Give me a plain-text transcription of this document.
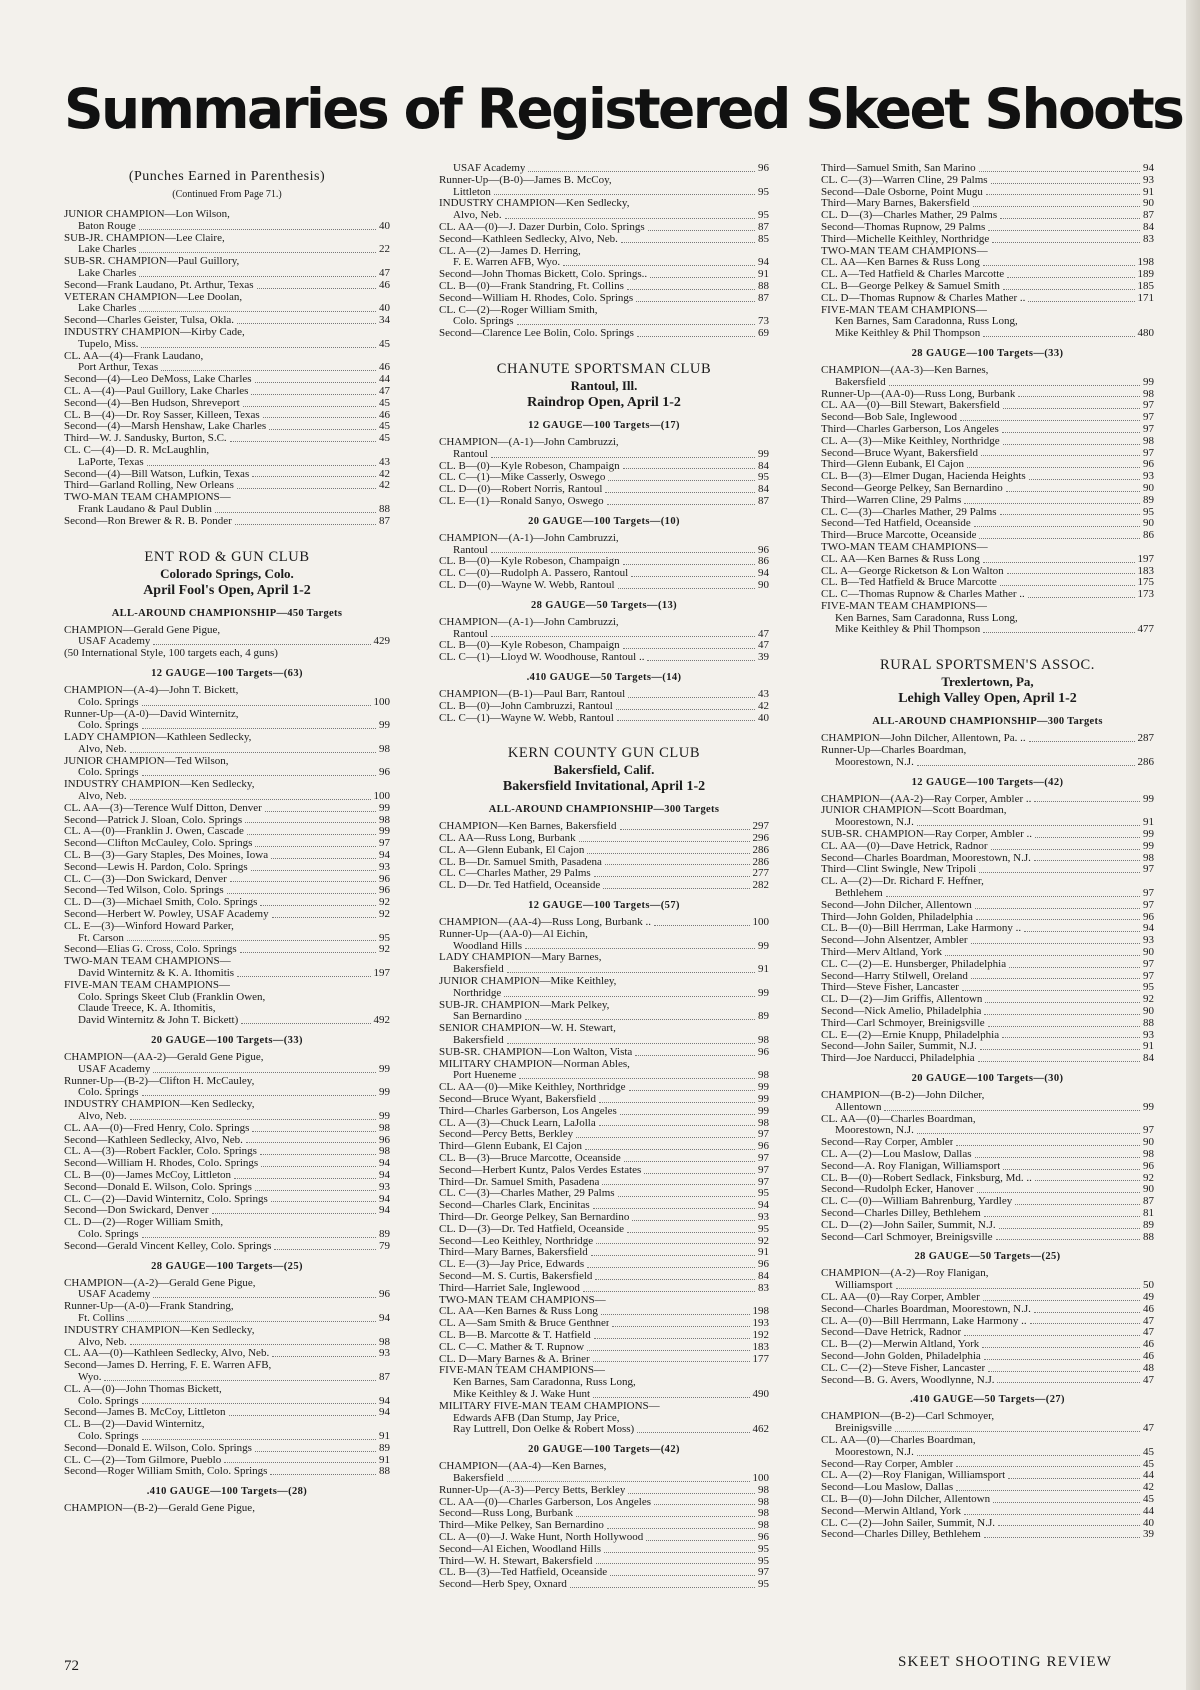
Summaries of Registered Skeet Shoots
(Punches Earned in Parenthesis)
(Continued From Page 71.)
JUNIOR CHAMPION—Lon Wilson,
Baton Rouge	40
SUB-JR. CHAMPION—Lee Claire,
Lake Charles	22
SUB-SR. CHAMPION—Paul Guillory,
Lake Charles	47
Second—Frank Laudano, Pt. Arthur, Texas	46
VETERAN CHAMPION—Lee Doolan,
Lake Charles	40
Second—Charles Geister, Tulsa, Okla.	34
INDUSTRY CHAMPION—Kirby Cade,
Tupelo, Miss.	45
CL. AA—(4)—Frank Laudano,
Port Arthur, Texas	46
Second—(4)—Leo DeMoss, Lake Charles	44
CL. A—(4)—Paul Guillory, Lake Charles	47
Second—(4)—Ben Hudson, Shreveport	45
CL. B—(4)—Dr. Roy Sasser, Killeen, Texas	46
Second—(4)—Marsh Henshaw, Lake Charles	45
Third—W. J. Sandusky, Burton, S.C.	45
CL. C—(4)—D. R. McLaughlin,
LaPorte, Texas	43
Second—(4)—Bill Watson, Lufkin, Texas	42
Third—Garland Rolling, New Orleans	42
TWO-MAN TEAM CHAMPIONS—
Frank Laudano & Paul Dublin	88
Second—Ron Brewer & R. B. Ponder	87
ENT ROD & GUN CLUB
Colorado Springs, Colo.
April Fool's Open, April 1-2
ALL-AROUND CHAMPIONSHIP—450 Targets
CHAMPION—Gerald Gene Pigue,
USAF Academy	429
(50 International Style, 100 targets each, 4 guns)
12 GAUGE—100 Targets—(63)
CHAMPION—(A-4)—John T. Bickett,
Colo. Springs	100
Runner-Up—(A-0)—David Winternitz,
Colo. Springs	99
LADY CHAMPION—Kathleen Sedlecky,
Alvo, Neb.	98
JUNIOR CHAMPION—Ted Wilson,
Colo. Springs	96
INDUSTRY CHAMPION—Ken Sedlecky,
Alvo, Neb.	100
CL. AA—(3)—Terence Wulf Ditton, Denver	99
Second—Patrick J. Sloan, Colo. Springs	98
CL. A—(0)—Franklin J. Owen, Cascade	99
Second—Clifton McCauley, Colo. Springs	97
CL. B—(3)—Gary Staples, Des Moines, Iowa	94
Second—Lewis H. Pardon, Colo. Springs	93
CL. C—(3)—Don Swickard, Denver	96
Second—Ted Wilson, Colo. Springs	96
CL. D—(3)—Michael Smith, Colo. Springs	92
Second—Herbert W. Powley, USAF Academy	92
CL. E—(3)—Winford Howard Parker,
Ft. Carson	95
Second—Elias G. Cross, Colo. Springs	92
TWO-MAN TEAM CHAMPIONS—
David Winternitz & K. A. Ithomitis	197
FIVE-MAN TEAM CHAMPIONS—
Colo. Springs Skeet Club (Franklin Owen,
Claude Treece, K. A. Ithomitis,
David Winternitz & John T. Bickett)	492
20 GAUGE—100 Targets—(33)
CHAMPION—(AA-2)—Gerald Gene Pigue,
USAF Academy	99
Runner-Up—(B-2)—Clifton H. McCauley,
Colo. Springs	99
INDUSTRY CHAMPION—Ken Sedlecky,
Alvo, Neb.	99
CL. AA—(0)—Fred Henry, Colo. Springs	98
Second—Kathleen Sedlecky, Alvo, Neb.	96
CL. A—(3)—Robert Fackler, Colo. Springs	98
Second—William H. Rhodes, Colo. Springs	94
CL. B—(0)—James McCoy, Littleton	94
Second—Donald E. Wilson, Colo. Springs	93
CL. C—(2)—David Winternitz, Colo. Springs	94
Second—Don Swickard, Denver	94
CL. D—(2)—Roger William Smith,
Colo. Springs	89
Second—Gerald Vincent Kelley, Colo. Springs	79
28 GAUGE—100 Targets—(25)
CHAMPION—(A-2)—Gerald Gene Pigue,
USAF Academy	96
Runner-Up—(A-0)—Frank Standring,
Ft. Collins	94
INDUSTRY CHAMPION—Ken Sedlecky,
Alvo, Neb.	98
CL. AA—(0)—Kathleen Sedlecky, Alvo, Neb.	93
Second—James D. Herring, F. E. Warren AFB,
Wyo.	87
CL. A—(0)—John Thomas Bickett,
Colo. Springs	94
Second—James B. McCoy, Littleton	94
CL. B—(2)—David Winternitz,
Colo. Springs	91
Second—Donald E. Wilson, Colo. Springs	89
CL. C—(2)—Tom Gilmore, Pueblo	91
Second—Roger William Smith, Colo. Springs	88
.410 GAUGE—100 Targets—(28)
CHAMPION—(B-2)—Gerald Gene Pigue,
USAF Academy	96
Runner-Up—(B-0)—James B. McCoy,
Littleton	95
INDUSTRY CHAMPION—Ken Sedlecky,
Alvo, Neb.	95
CL. AA—(0)—J. Dazer Durbin, Colo. Springs	87
Second—Kathleen Sedlecky, Alvo, Neb.	85
CL. A—(2)—James D. Herring,
F. E. Warren AFB, Wyo.	94
Second—John Thomas Bickett, Colo. Springs..	91
CL. B—(0)—Frank Standring, Ft. Collins	88
Second—William H. Rhodes, Colo. Springs	87
CL. C—(2)—Roger William Smith,
Colo. Springs	73
Second—Clarence Lee Bolin, Colo. Springs	69
CHANUTE SPORTSMAN CLUB
Rantoul, Ill.
Raindrop Open, April 1-2
12 GAUGE—100 Targets—(17)
CHAMPION—(A-1)—John Cambruzzi,
Rantoul	99
CL. B—(0)—Kyle Robeson, Champaign	84
CL. C—(1)—Mike Casserly, Oswego	95
CL. D—(0)—Robert Norris, Rantoul	84
CL. E—(1)—Ronald Sanyo, Oswego	87
20 GAUGE—100 Targets—(10)
CHAMPION—(A-1)—John Cambruzzi,
Rantoul	96
CL. B—(0)—Kyle Robeson, Champaign	86
CL. C—(0)—Rudolph A. Passero, Rantoul	94
CL. D—(0)—Wayne W. Webb, Rantoul	90
28 GAUGE—50 Targets—(13)
CHAMPION—(A-1)—John Cambruzzi,
Rantoul	47
CL. B—(0)—Kyle Robeson, Champaign	47
CL. C—(1)—Lloyd W. Woodhouse, Rantoul ..	39
.410 GAUGE—50 Targets—(14)
CHAMPION—(B-1)—Paul Barr, Rantoul	43
CL. B—(0)—John Cambruzzi, Rantoul	42
CL. C—(1)—Wayne W. Webb, Rantoul	40
KERN COUNTY GUN CLUB
Bakersfield, Calif.
Bakersfield Invitational, April 1-2
ALL-AROUND CHAMPIONSHIP—300 Targets
CHAMPION—Ken Barnes, Bakersfield	297
CL. AA—Russ Long, Burbank	296
CL. A—Glenn Eubank, El Cajon	286
CL. B—Dr. Samuel Smith, Pasadena	286
CL. C—Charles Mather, 29 Palms	277
CL. D—Dr. Ted Hatfield, Oceanside	282
12 GAUGE—100 Targets—(57)
CHAMPION—(AA-4)—Russ Long, Burbank ..	100
Runner-Up—(AA-0)—Al Eichin,
Woodland Hills	99
LADY CHAMPION—Mary Barnes,
Bakersfield	91
JUNIOR CHAMPION—Mike Keithley,
Northridge	99
SUB-JR. CHAMPION—Mark Pelkey,
San Bernardino	89
SENIOR CHAMPION—W. H. Stewart,
Bakersfield	98
SUB-SR. CHAMPION—Lon Walton, Vista	96
MILITARY CHAMPION—Norman Ables,
Port Hueneme	98
CL. AA—(0)—Mike Keithley, Northridge	99
Second—Bruce Wyant, Bakersfield	99
Third—Charles Garberson, Los Angeles	99
CL. A—(3)—Chuck Learn, LaJolla	98
Second—Percy Betts, Berkley	97
Third—Glenn Eubank, El Cajon	96
CL. B—(3)—Bruce Marcotte, Oceanside	97
Second—Herbert Kuntz, Palos Verdes Estates	97
Third—Dr. Samuel Smith, Pasadena	97
CL. C—(3)—Charles Mather, 29 Palms	95
Second—Charles Clark, Encinitas	94
Third—Dr. George Pelkey, San Bernardino	93
CL. D—(3)—Dr. Ted Hatfield, Oceanside	95
Second—Leo Keithley, Northridge	92
Third—Mary Barnes, Bakersfield	91
CL. E—(3)—Jay Price, Edwards	96
Second—M. S. Curtis, Bakersfield	84
Third—Harriet Sale, Inglewood	83
TWO-MAN TEAM CHAMPIONS—
CL. AA—Ken Barnes & Russ Long	198
CL. A—Sam Smith & Bruce Genthner	193
CL. B—B. Marcotte & T. Hatfield	192
CL. C—C. Mather & T. Rupnow	183
CL. D—Mary Barnes & A. Briner	177
FIVE-MAN TEAM CHAMPIONS—
Ken Barnes, Sam Caradonna, Russ Long,
Mike Keithley & J. Wake Hunt	490
MILITARY FIVE-MAN TEAM CHAMPIONS—
Edwards AFB (Dan Stump, Jay Price,
Ray Luttrell, Don Oelke & Robert Moss)	462
20 GAUGE—100 Targets—(42)
CHAMPION—(AA-4)—Ken Barnes,
Bakersfield	100
Runner-Up—(A-3)—Percy Betts, Berkley	98
CL. AA—(0)—Charles Garberson, Los Angeles	98
Second—Russ Long, Burbank	98
Third—Mike Pelkey, San Bernardino	98
CL. A—(0)—J. Wake Hunt, North Hollywood	96
Second—Al Eichen, Woodland Hills	95
Third—W. H. Stewart, Bakersfield	95
CL. B—(3)—Ted Hatfield, Oceanside	97
Second—Herb Spey, Oxnard	95
Third—Samuel Smith, San Marino	94
CL. C—(3)—Warren Cline, 29 Palms	93
Second—Dale Osborne, Point Mugu	91
Third—Mary Barnes, Bakersfield	90
CL. D—(3)—Charles Mather, 29 Palms	87
Second—Thomas Rupnow, 29 Palms	84
Third—Michelle Keithley, Northridge	83
TWO-MAN TEAM CHAMPIONS—
CL. AA—Ken Barnes & Russ Long	198
CL. A—Ted Hatfield & Charles Marcotte	189
CL. B—George Pelkey & Samuel Smith	185
CL. D—Thomas Rupnow & Charles Mather ..	171
FIVE-MAN TEAM CHAMPIONS—
Ken Barnes, Sam Caradonna, Russ Long,
Mike Keithley & Phil Thompson	480
28 GAUGE—100 Targets—(33)
CHAMPION—(AA-3)—Ken Barnes,
Bakersfield	99
Runner-Up—(AA-0)—Russ Long, Burbank	98
CL. AA—(0)—Bill Stewart, Bakersfield	97
Second—Bob Sale, Inglewood	97
Third—Charles Garberson, Los Angeles	97
CL. A—(3)—Mike Keithley, Northridge	98
Second—Bruce Wyant, Bakersfield	97
Third—Glenn Eubank, El Cajon	96
CL. B—(3)—Elmer Dugan, Hacienda Heights	93
Second—George Pelkey, San Bernardino	90
Third—Warren Cline, 29 Palms	89
CL. C—(3)—Charles Mather, 29 Palms	95
Second—Ted Hatfield, Oceanside	90
Third—Bruce Marcotte, Oceanside	86
TWO-MAN TEAM CHAMPIONS—
CL. AA—Ken Barnes & Russ Long	197
CL. A—George Ricketson & Lon Walton	183
CL. B—Ted Hatfield & Bruce Marcotte	175
CL. C—Thomas Rupnow & Charles Mather ..	173
FIVE-MAN TEAM CHAMPIONS—
Ken Barnes, Sam Caradonna, Russ Long,
Mike Keithley & Phil Thompson	477
RURAL SPORTSMEN'S ASSOC.
Trexlertown, Pa,
Lehigh Valley Open, April 1-2
ALL-AROUND CHAMPIONSHIP—300 Targets
CHAMPION—John Dilcher, Allentown, Pa. ..	287
Runner-Up—Charles Boardman,
Moorestown, N.J.	286
12 GAUGE—100 Targets—(42)
CHAMPION—(AA-2)—Ray Corper, Ambler ..	99
JUNIOR CHAMPION—Scott Boardman,
Moorestown, N.J.	91
SUB-SR. CHAMPION—Ray Corper, Ambler ..	99
CL. AA—(0)—Dave Hetrick, Radnor	99
Second—Charles Boardman, Moorestown, N.J.	98
Third—Clint Swingle, New Tripoli	97
CL. A—(2)—Dr. Richard F. Heffner,
Bethlehem	97
Second—John Dilcher, Allentown	97
Third—John Golden, Philadelphia	96
CL. B—(0)—Bill Herrman, Lake Harmony ..	94
Second—John Alsentzer, Ambler	93
Third—Merv Altland, York	90
CL. C—(2)—E. Hunsberger, Philadelphia	97
Second—Harry Stilwell, Oreland	97
Third—Steve Fisher, Lancaster	95
CL. D—(2)—Jim Griffis, Allentown	92
Second—Nick Amelio, Philadelphia	90
Third—Carl Schmoyer, Breinigsville	88
CL. E—(2)—Ernie Knupp, Philadelphia	93
Second—John Sailer, Summit, N.J.	91
Third—Joe Narducci, Philadelphia	84
20 GAUGE—100 Targets—(30)
CHAMPION—(B-2)—John Dilcher,
Allentown	99
CL. AA—(0)—Charles Boardman,
Moorestown, N.J.	97
Second—Ray Corper, Ambler	90
CL. A—(2)—Lou Maslow, Dallas	98
Second—A. Roy Flanigan, Williamsport	96
CL. B—(0)—Robert Sedlack, Finksburg, Md. ..	92
Second—Rudolph Ecker, Hanover	90
CL. C—(0)—William Bahrenburg, Yardley	87
Second—Charles Dilley, Bethlehem	81
CL. D—(2)—John Sailer, Summit, N.J.	89
Second—Carl Schmoyer, Breinigsville	88
28 GAUGE—50 Targets—(25)
CHAMPION—(A-2)—Roy Flanigan,
Williamsport	50
CL. AA—(0)—Ray Corper, Ambler	49
Second—Charles Boardman, Moorestown, N.J.	46
CL. A—(0)—Bill Herrmann, Lake Harmony ..	47
Second—Dave Hetrick, Radnor	47
CL. B—(2)—Merwin Altland, York	46
Second—John Golden, Philadelphia	46
CL. C—(2)—Steve Fisher, Lancaster	48
Second—B. G. Avers, Woodlynne, N.J.	47
.410 GAUGE—50 Targets—(27)
CHAMPION—(B-2)—Carl Schmoyer,
Breinigsville	47
CL. AA—(0)—Charles Boardman,
Moorestown, N.J.	45
Second—Ray Corper, Ambler	45
CL. A—(2)—Roy Flanigan, Williamsport	44
Second—Lou Maslow, Dallas	42
CL. B—(0)—John Dilcher, Allentown	45
Second—Merwin Altland, York	44
CL. C—(2)—John Sailer, Summit, N.J.	40
Second—Charles Dilley, Bethlehem	39
72	SKEET SHOOTING REVIEW
